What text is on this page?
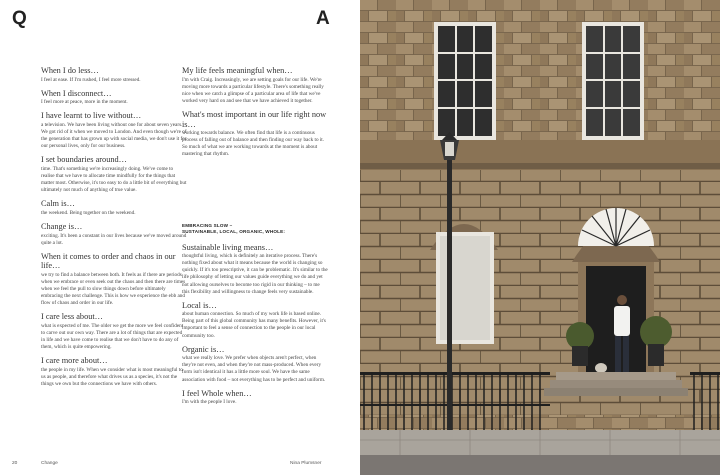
Q	A
When I do less…
I feel at ease. If I'm rushed, I feel more stressed.
When I disconnect…
I feel more at peace, more in the moment.
I have learnt to live without…
a television. We have been living without one for about seven years. We got rid of it when we moved to London. And even though we're of the generation that has grown up with social media, we don't use it for our personal lives, only for our business.
I set boundaries around…
time. That's something we're increasingly doing. We've come to realise that we have to allocate time mindfully for the things that matter most. Otherwise, it's too easy to do a little bit of everything but ultimately not much of anything of true value.
Calm is…
the weekend. Being together on the weekend.
Change is…
exciting. It's been a constant in our lives because we've moved around quite a lot.
When it comes to order and chaos in our life…
we try to find a balance between both. It feels as if there are periods when we embrace or even seek out the chaos and then there are times when we feel the pull to slow things down before ultimately embracing the next challenge. This is how we experience the ebb and flow of chaos and order in our life.
I care less about…
what is expected of me. The older we get the more we feel confident to carve out our own way. There are a lot of things that are expected in life and we have come to realise that we don't have to do any of them, which is quite empowering.
I care more about…
the people in my life. When we consider what is most meaningful to us as people, and therefore what drives us as a species, it's not the things we own but the connections we have with others.
My life feels meaningful when…
I'm with Craig. Increasingly, we are setting goals for our life. We're moving more towards a particular lifestyle. There's something really nice when we catch a glimpse of a particular area of life that we've worked very hard on and see that we have achieved it together.
What's most important in our life right now is…
working towards balance. We often find that life is a continuous process of falling out of balance and then finding our way back to it. So much of what we are working towards at the moment is about mastering that rhythm.
EMBRACING SLOW –
SUSTAINABLE, LOCAL, ORGANIC, WHOLE:
Sustainable living means…
thoughtful living, which is definitely an iterative process. There's nothing fixed about what it means because the world is changing so quickly. If it's too prescriptive, it can be problematic. It's similar to the life philosophy of letting our values guide everything we do and yet not allowing ourselves to become too rigid in our thinking – to me this flexibility and willingness to change feels very sustainable.
Local is…
about human connection. So much of my work life is based online. Being part of this global community has many benefits. However, it's important to feel a sense of connection to the people in our local community too.
Organic is…
what we really love. We prefer when objects aren't perfect, when they're not even, and when they're not mass-produced. When every form isn't identical it has a little more soul. We have the same association with food – not everything has to be perfect and uniform.
I feel Whole when…
I'm with the people I love.
20	Change	Nina Plumsner
